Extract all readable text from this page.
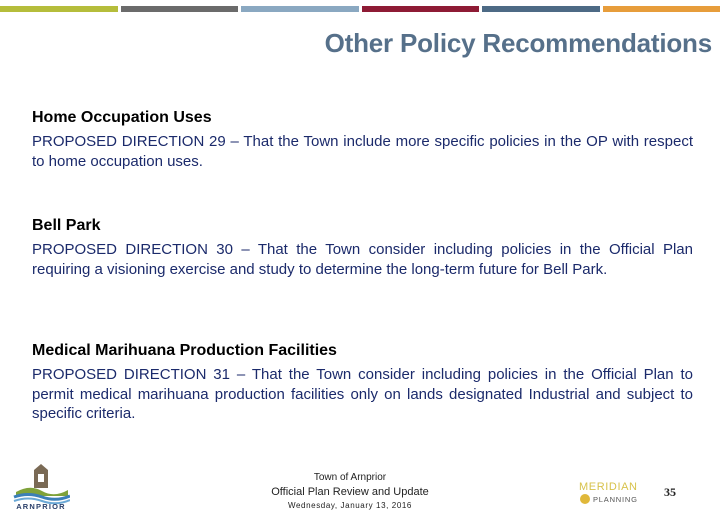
Other Policy Recommendations
Home Occupation Uses
PROPOSED DIRECTION 29 – That the Town include more specific policies in the OP with respect to home occupation uses.
Bell Park
PROPOSED DIRECTION 30 – That the Town consider including policies in the Official Plan requiring a visioning exercise and study to determine the long-term future for Bell Park.
Medical Marihuana Production Facilities
PROPOSED DIRECTION 31 – That the Town consider including policies in the Official Plan to permit medical marihuana production facilities only on lands designated Industrial and subject to specific criteria.
ARNPRIOR
Town of Arnprior
Official Plan Review and Update
Wednesday, January 13, 2016
MERIDIAN
PLANNING
35
